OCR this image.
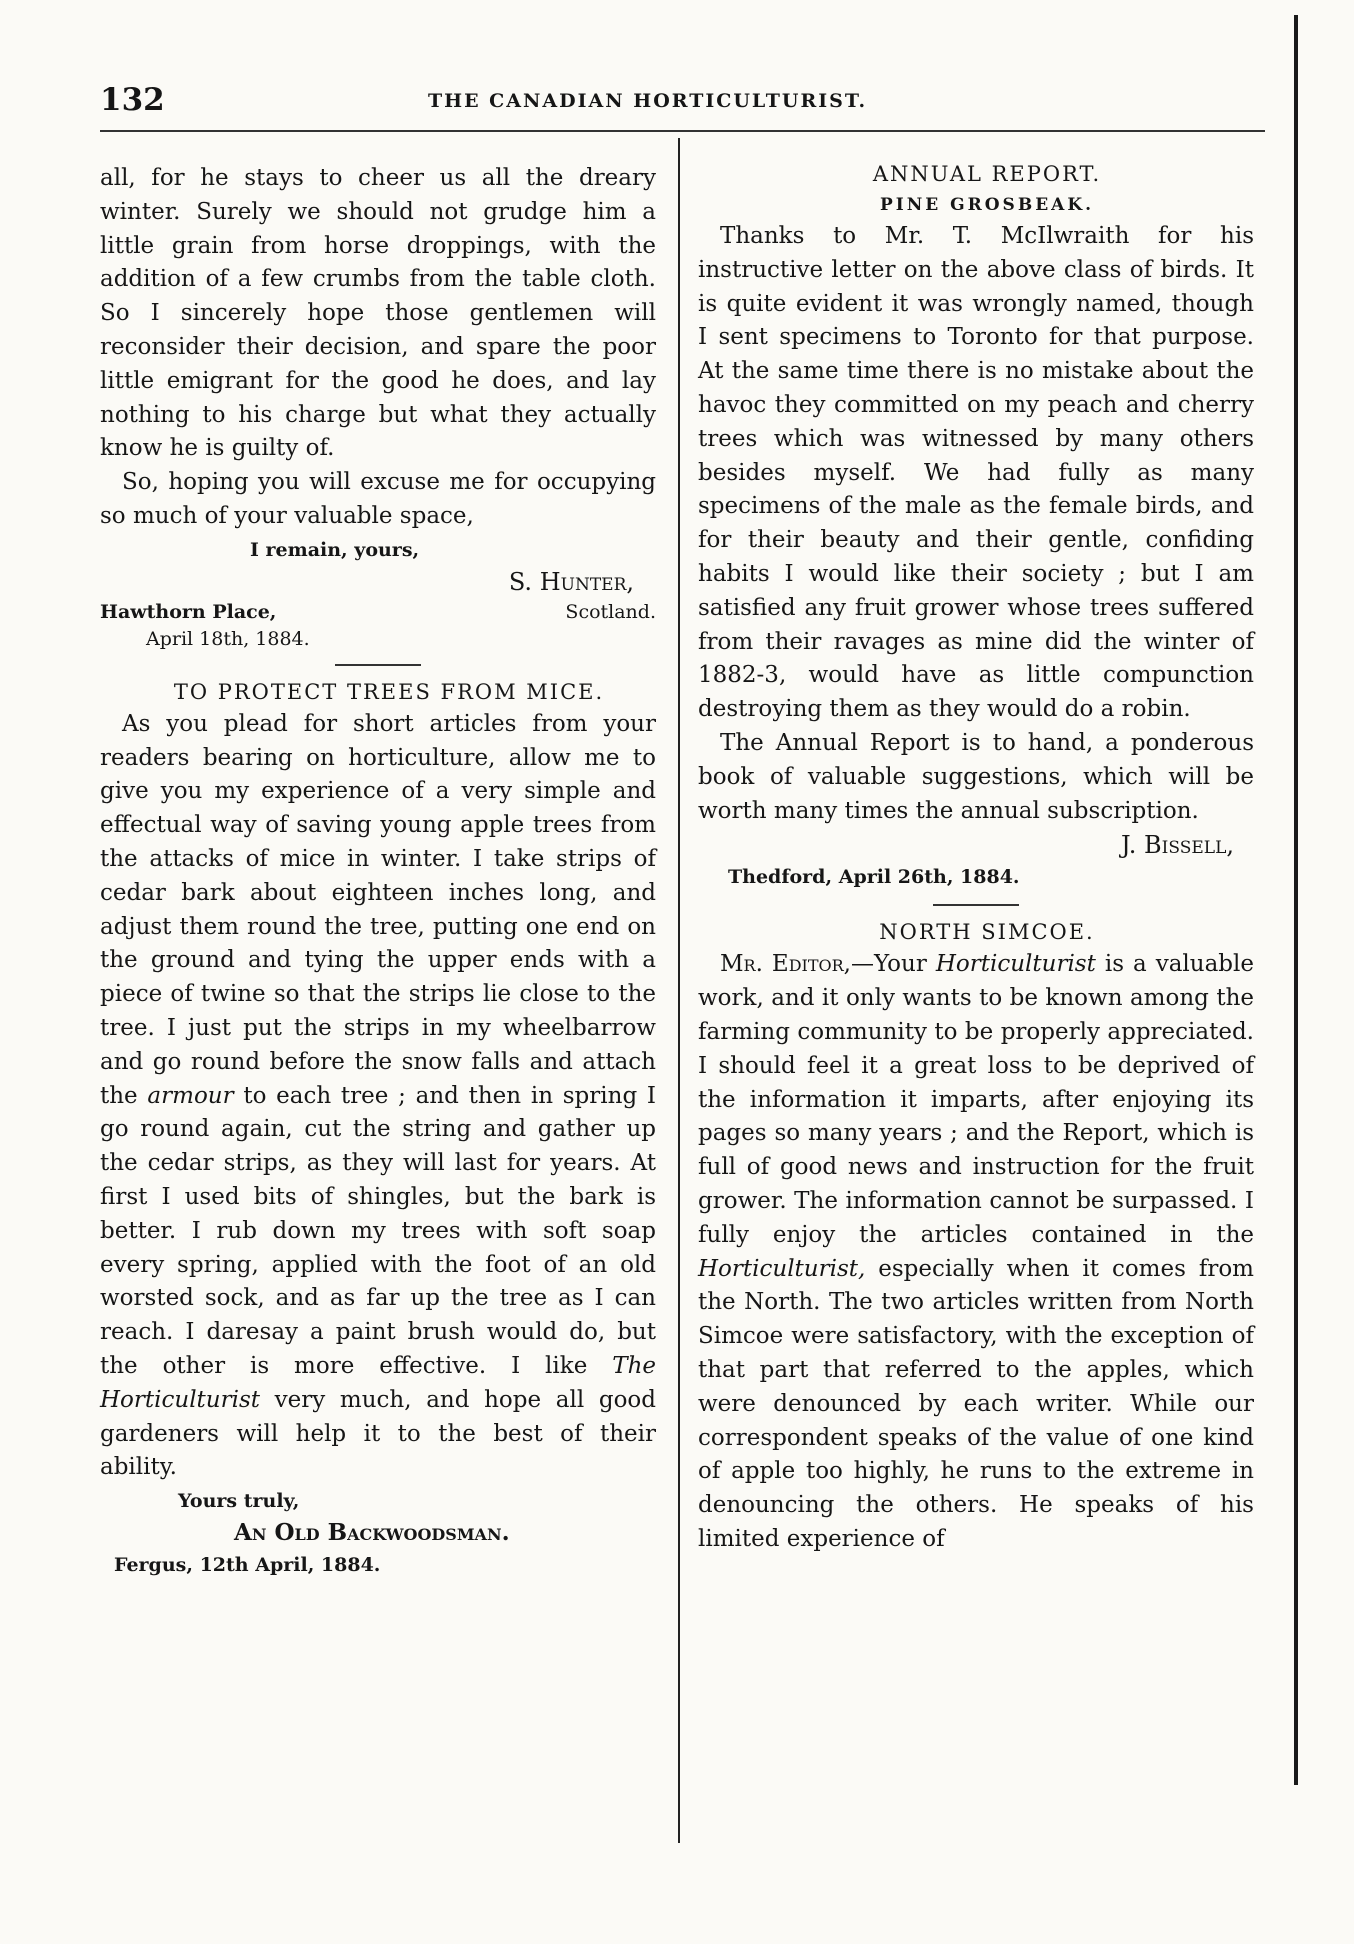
132	THE CANADIAN HORTICULTURIST.

all, for he stays to cheer us all the dreary winter. Surely we should not grudge him a little grain from horse droppings, with the addition of a few crumbs from the table cloth. So I sincerely hope those gentlemen will reconsider their decision, and spare the poor little emigrant for the good he does, and lay nothing to his charge but what they actually know he is guilty of.

So, hoping you will excuse me for occupying so much of your valuable space,

I remain, yours,
S. Hunter,
Hawthorn Place,	Scotland.
April 18th, 1884.

TO PROTECT TREES FROM MICE.

As you plead for short articles from your readers bearing on horticulture, allow me to give you my experience of a very simple and effectual way of saving young apple trees from the attacks of mice in winter. I take strips of cedar bark about eighteen inches long, and adjust them round the tree, putting one end on the ground and tying the upper ends with a piece of twine so that the strips lie close to the tree. I just put the strips in my wheelbarrow and go round before the snow falls and attach the armour to each tree ; and then in spring I go round again, cut the string and gather up the cedar strips, as they will last for years. At first I used bits of shingles, but the bark is better. I rub down my trees with soft soap every spring, applied with the foot of an old worsted sock, and as far up the tree as I can reach. I daresay a paint brush would do, but the other is more effective. I like The Horticulturist very much, and hope all good gardeners will help it to the best of their ability.

Yours truly,
An Old Backwoodsman.
Fergus, 12th April, 1884.

ANNUAL REPORT.

PINE GROSBEAK.

Thanks to Mr. T. McIlwraith for his instructive letter on the above class of birds. It is quite evident it was wrongly named, though I sent specimens to Toronto for that purpose. At the same time there is no mistake about the havoc they committed on my peach and cherry trees which was witnessed by many others besides myself. We had fully as many specimens of the male as the female birds, and for their beauty and their gentle, confiding habits I would like their society ; but I am satisfied any fruit grower whose trees suffered from their ravages as mine did the winter of 1882-3, would have as little compunction destroying them as they would do a robin.

The Annual Report is to hand, a ponderous book of valuable suggestions, which will be worth many times the annual subscription.

J. Bissell,
Thedford, April 26th, 1884.

NORTH SIMCOE.

Mr. Editor,—Your Horticulturist is a valuable work, and it only wants to be known among the farming community to be properly appreciated. I should feel it a great loss to be deprived of the information it imparts, after enjoying its pages so many years ; and the Report, which is full of good news and instruction for the fruit grower. The information cannot be surpassed. I fully enjoy the articles contained in the Horticulturist, especially when it comes from the North. The two articles written from North Simcoe were satisfactory, with the exception of that part that referred to the apples, which were denounced by each writer. While our correspondent speaks of the value of one kind of apple too highly, he runs to the extreme in denouncing the others. He speaks of his limited experience of
